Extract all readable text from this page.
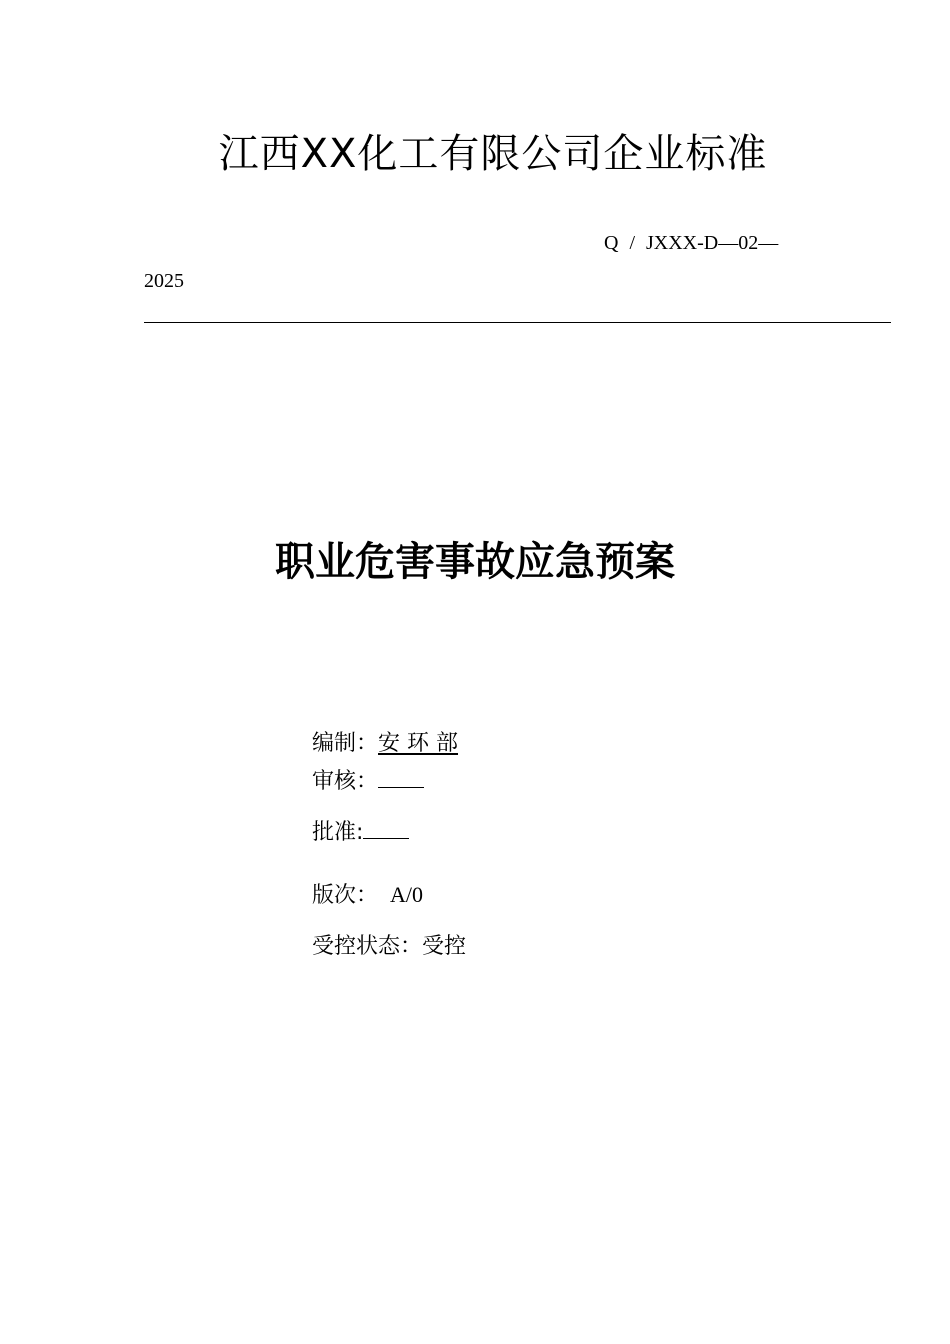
江西XX化工有限公司企业标准
Q / JXXX-D—02—
2025
职业危害事故应急预案
编制：安 环 部
审核：
批准:
版次： A/0
受控状态：受控
